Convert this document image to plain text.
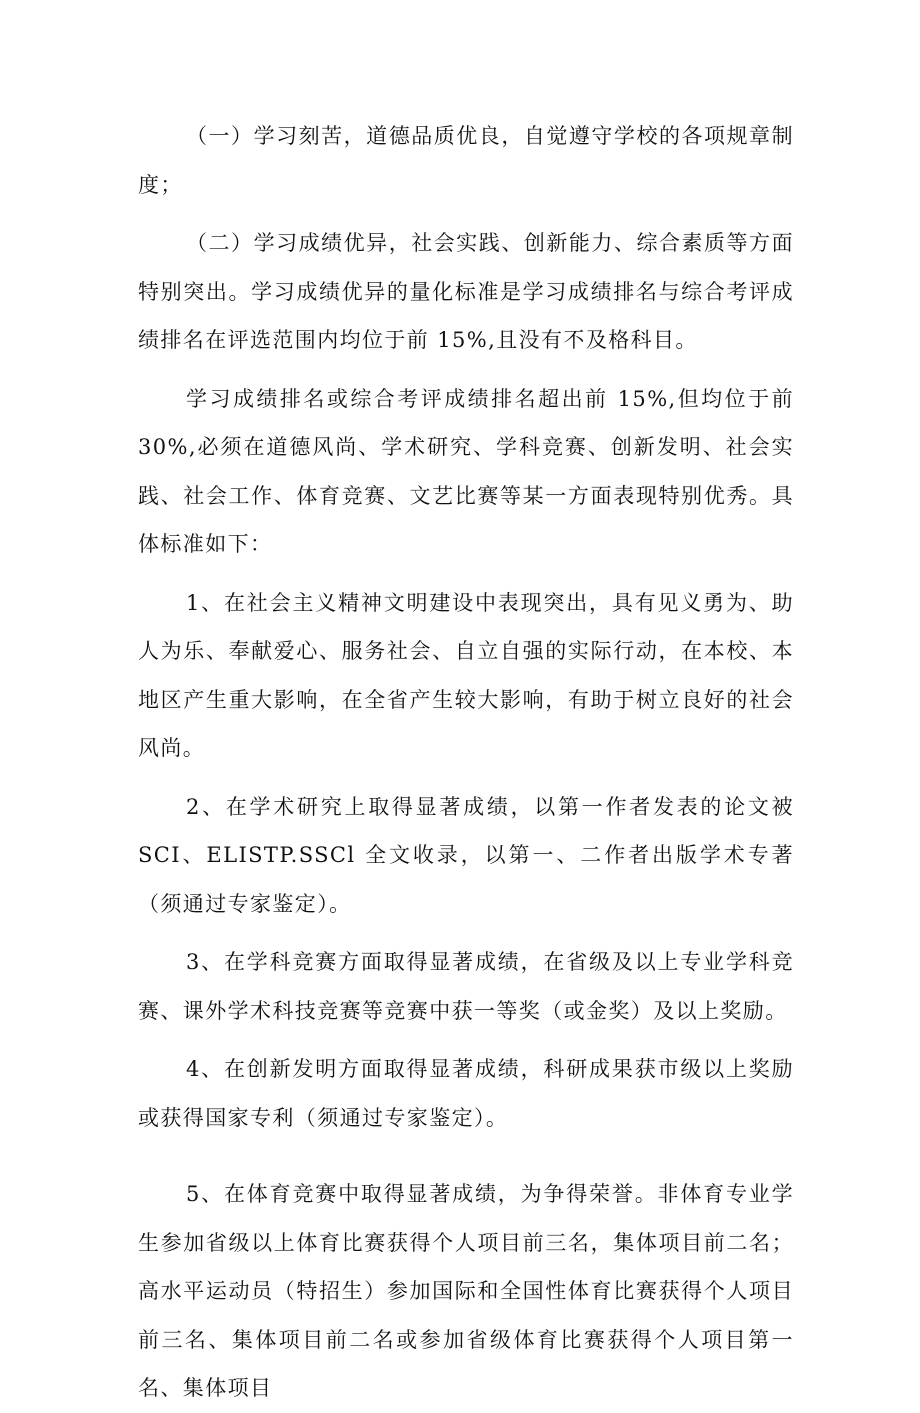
（一）学习刻苦，道德品质优良，自觉遵守学校的各项规章制度；

（二）学习成绩优异，社会实践、创新能力、综合素质等方面特别突出。学习成绩优异的量化标准是学习成绩排名与综合考评成绩排名在评选范围内均位于前 15%,且没有不及格科目。

学习成绩排名或综合考评成绩排名超出前 15%,但均位于前 30%,必须在道德风尚、学术研究、学科竞赛、创新发明、社会实践、社会工作、体育竞赛、文艺比赛等某一方面表现特别优秀。具体标准如下：

1、在社会主义精神文明建设中表现突出，具有见义勇为、助人为乐、奉献爱心、服务社会、自立自强的实际行动，在本校、本地区产生重大影响，在全省产生较大影响，有助于树立良好的社会风尚。

2、在学术研究上取得显著成绩，以第一作者发表的论文被 SCI、ELISTP.SSCl 全文收录，以第一、二作者出版学术专著（须通过专家鉴定）。

3、在学科竞赛方面取得显著成绩，在省级及以上专业学科竞赛、课外学术科技竞赛等竞赛中获一等奖（或金奖）及以上奖励。

4、在创新发明方面取得显著成绩，科研成果获市级以上奖励或获得国家专利（须通过专家鉴定）。

5、在体育竞赛中取得显著成绩，为争得荣誉。非体育专业学生参加省级以上体育比赛获得个人项目前三名，集体项目前二名；高水平运动员（特招生）参加国际和全国性体育比赛获得个人项目前三名、集体项目前二名或参加省级体育比赛获得个人项目第一名、集体项目
